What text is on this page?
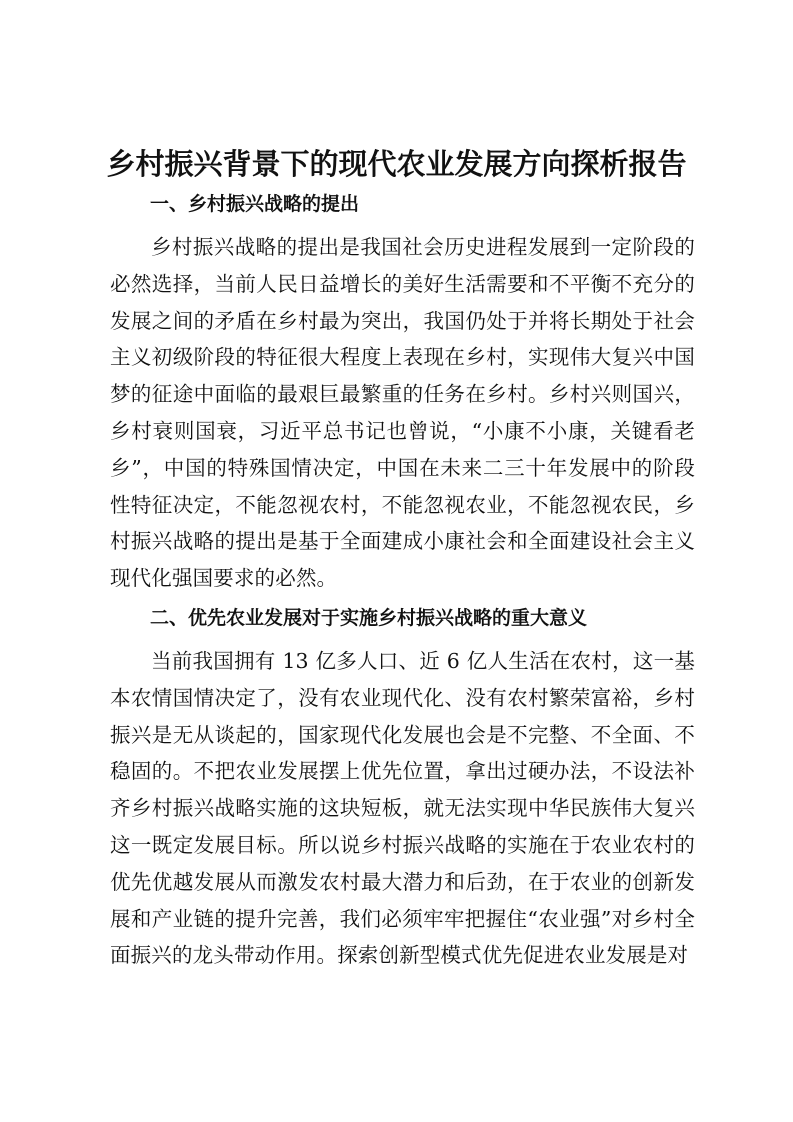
乡村振兴背景下的现代农业发展方向探析报告
一、乡村振兴战略的提出

乡村振兴战略的提出是我国社会历史进程发展到一定阶段的必然选择，当前人民日益增长的美好生活需要和不平衡不充分的发展之间的矛盾在乡村最为突出，我国仍处于并将长期处于社会主义初级阶段的特征很大程度上表现在乡村，实现伟大复兴中国梦的征途中面临的最艰巨最繁重的任务在乡村。乡村兴则国兴，乡村衰则国衰，习近平总书记也曾说，“小康不小康，关键看老乡”，中国的特殊国情决定，中国在未来二三十年发展中的阶段性特征决定，不能忽视农村，不能忽视农业，不能忽视农民，乡村振兴战略的提出是基于全面建成小康社会和全面建设社会主义现代化强国要求的必然。

二、优先农业发展对于实施乡村振兴战略的重大意义

当前我国拥有 13 亿多人口、近 6 亿人生活在农村，这一基本农情国情决定了，没有农业现代化、没有农村繁荣富裕，乡村振兴是无从谈起的，国家现代化发展也会是不完整、不全面、不稳固的。不把农业发展摆上优先位置，拿出过硬办法，不设法补齐乡村振兴战略实施的这块短板，就无法实现中华民族伟大复兴这一既定发展目标。所以说乡村振兴战略的实施在于农业农村的优先优越发展从而激发农村最大潜力和后劲，在于农业的创新发展和产业链的提升完善，我们必须牢牢把握住“农业强”对乡村全面振兴的龙头带动作用。探索创新型模式优先促进农业发展是对
